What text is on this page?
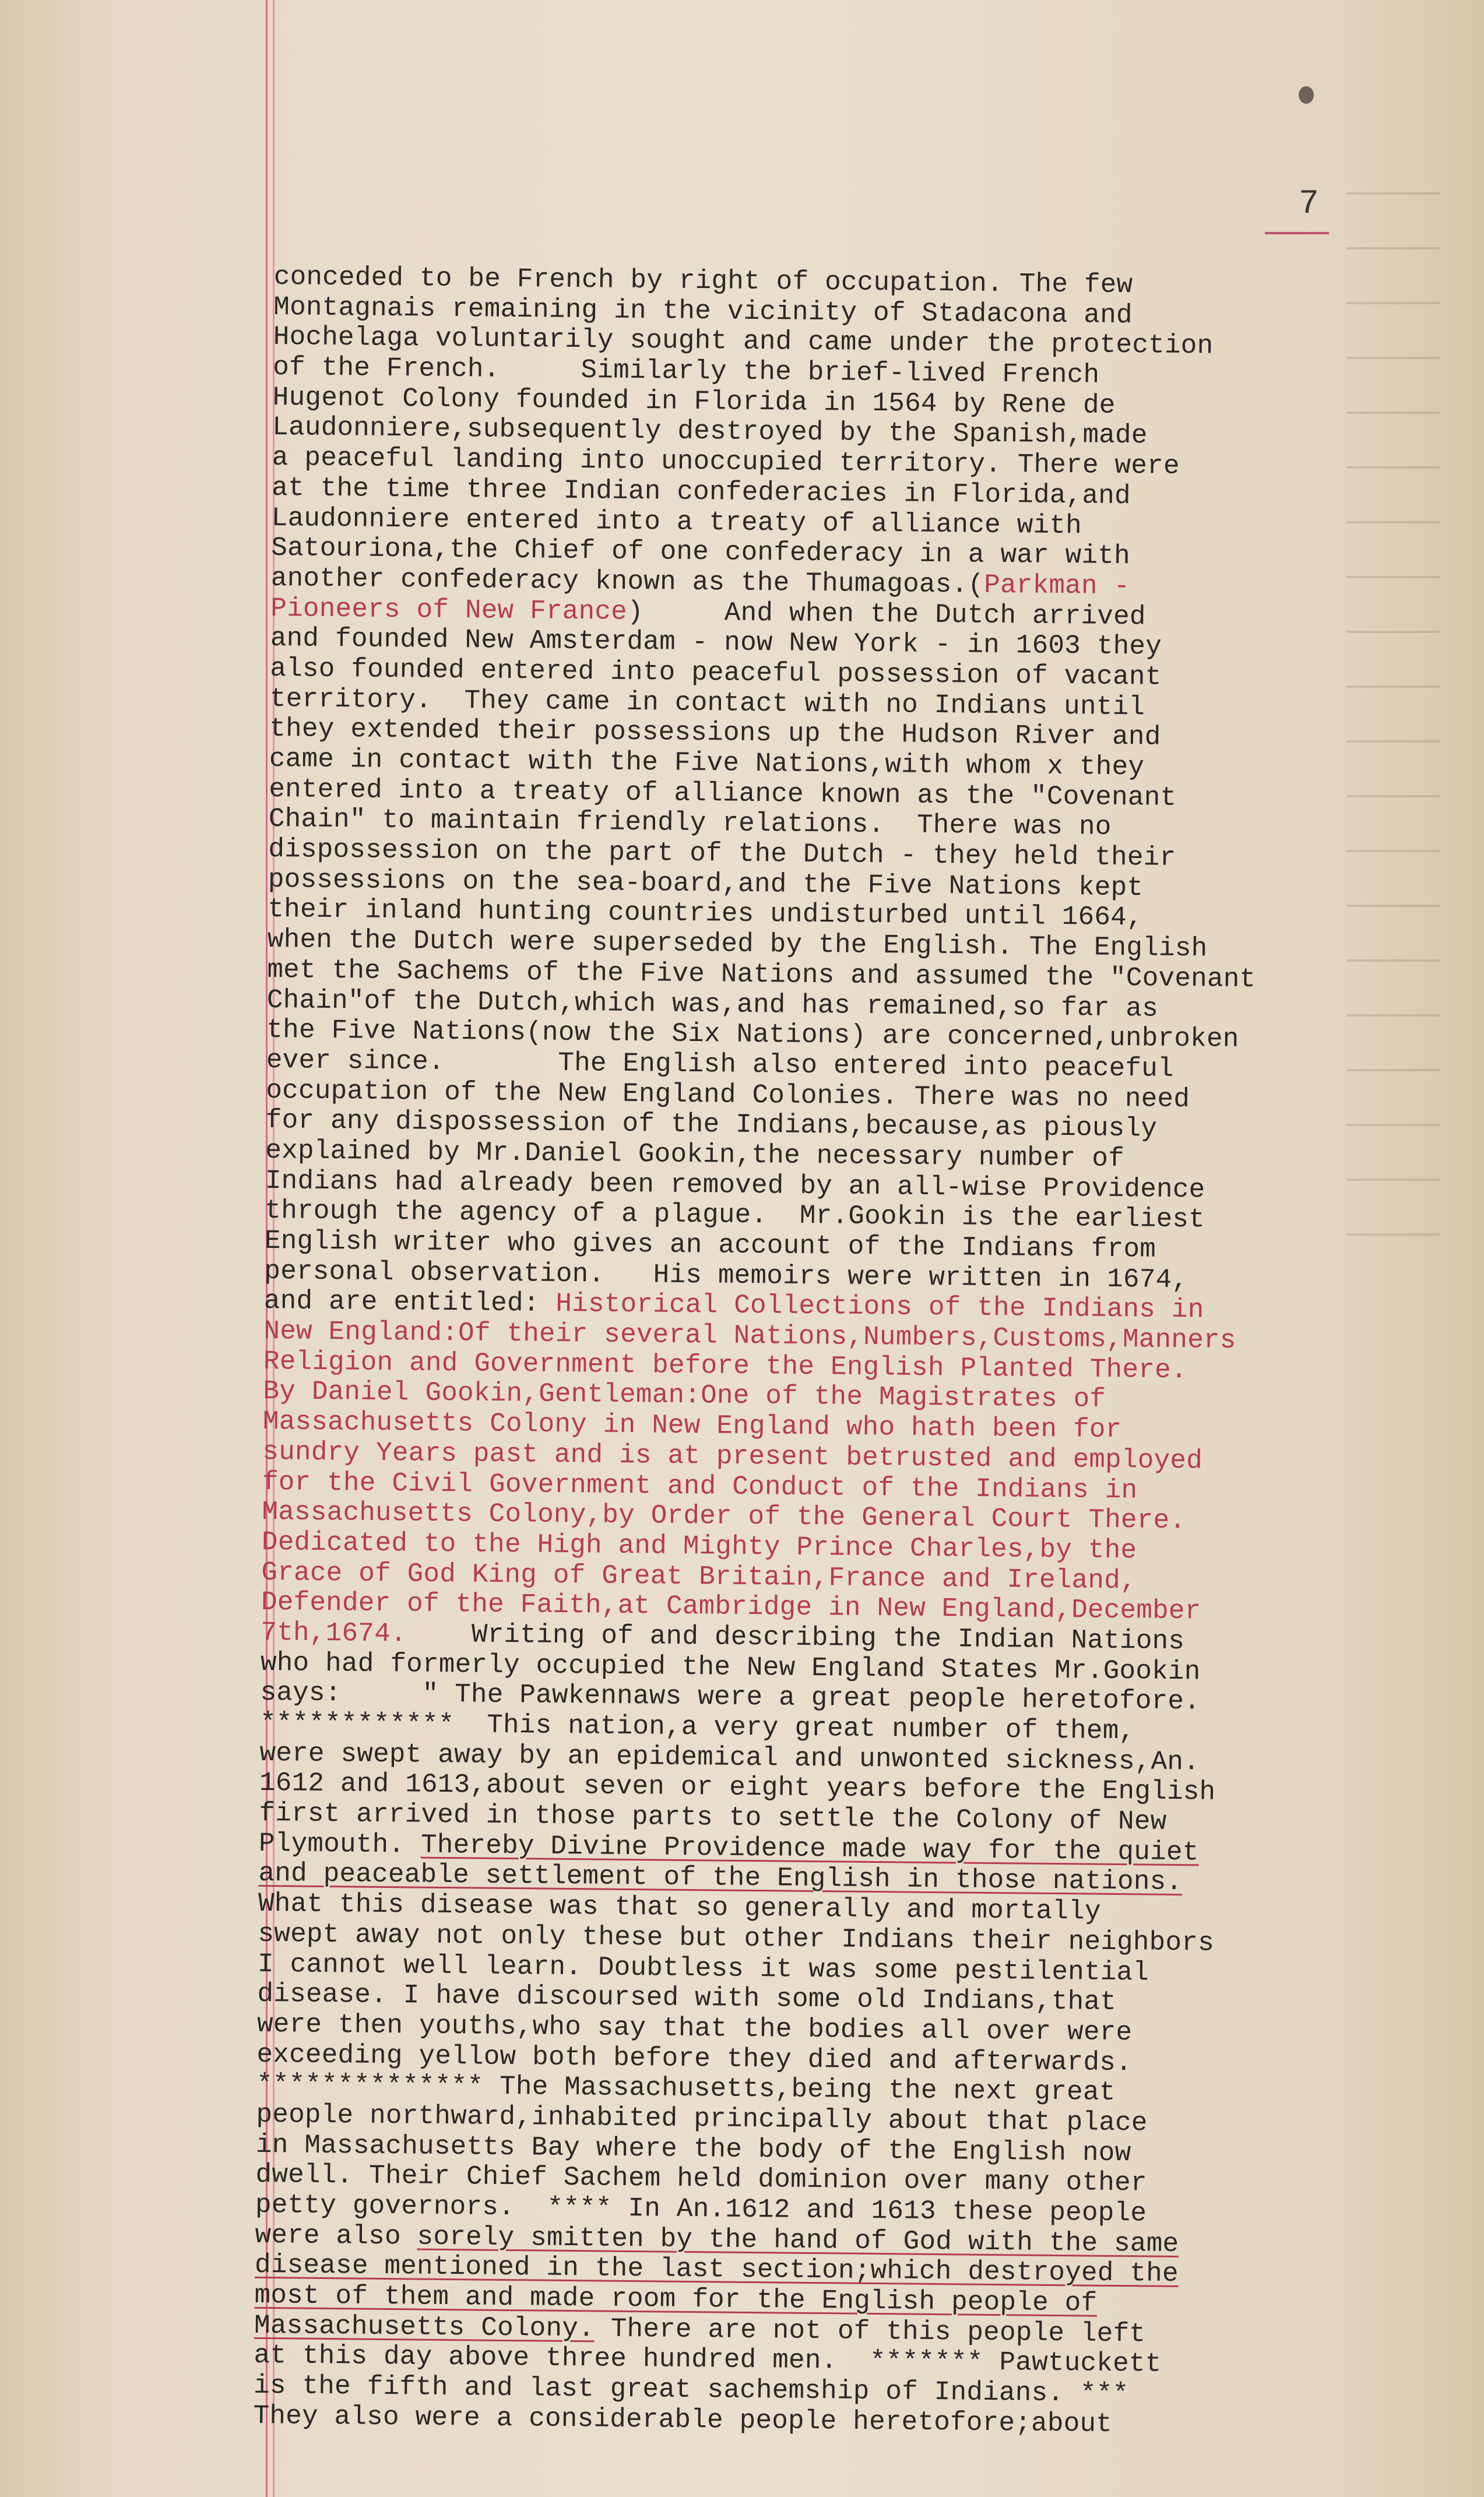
7
conceded to be French by right of occupation. The few
Montagnais remaining in the vicinity of Stadacona and
Hochelaga voluntarily sought and came under the protection
of the French.     Similarly the brief-lived French
Hugenot Colony founded in Florida in 1564 by Rene de
Laudonniere,subsequently destroyed by the Spanish,made
a peaceful landing into unoccupied territory. There were
at the time three Indian confederacies in Florida,and
Laudonniere entered into a treaty of alliance with
Satouriona,the Chief of one confederacy in a war with
another confederacy known as the Thumagoas.(Parkman -
Pioneers of New France)     And when the Dutch arrived
and founded New Amsterdam - now New York - in 1603 they
also founded entered into peaceful possession of vacant
territory.  They came in contact with no Indians until
they extended their possessions up the Hudson River and
came in contact with the Five Nations,with whom x they
entered into a treaty of alliance known as the "Covenant
Chain" to maintain friendly relations.  There was no
dispossession on the part of the Dutch - they held their
possessions on the sea-board,and the Five Nations kept
their inland hunting countries undisturbed until 1664,
when the Dutch were superseded by the English. The English
met the Sachems of the Five Nations and assumed the "Covenant
Chain"of the Dutch,which was,and has remained,so far as
the Five Nations(now the Six Nations) are concerned,unbroken
ever since.       The English also entered into peaceful
occupation of the New England Colonies. There was no need
for any dispossession of the Indians,because,as piously
explained by Mr.Daniel Gookin,the necessary number of
Indians had already been removed by an all-wise Providence
through the agency of a plague.  Mr.Gookin is the earliest
English writer who gives an account of the Indians from
personal observation.   His memoirs were written in 1674,
and are entitled: Historical Collections of the Indians in
New England:Of their several Nations,Numbers,Customs,Manners
Religion and Government before the English Planted There.
By Daniel Gookin,Gentleman:One of the Magistrates of
Massachusetts Colony in New England who hath been for
sundry Years past and is at present betrusted and employed
for the Civil Government and Conduct of the Indians in
Massachusetts Colony,by Order of the General Court There.
Dedicated to the High and Mighty Prince Charles,by the
Grace of God King of Great Britain,France and Ireland,
Defender of the Faith,at Cambridge in New England,December
7th,1674.    Writing of and describing the Indian Nations
who had formerly occupied the New England States Mr.Gookin
says:     " The Pawkennaws were a great people heretofore.
************  This nation,a very great number of them,
were swept away by an epidemical and unwonted sickness,An.
1612 and 1613,about seven or eight years before the English
first arrived in those parts to settle the Colony of New
Plymouth. Thereby Divine Providence made way for the quiet
and peaceable settlement of the English in those nations.
What this disease was that so generally and mortally
swept away not only these but other Indians their neighbors
I cannot well learn. Doubtless it was some pestilential
disease. I have discoursed with some old Indians,that
were then youths,who say that the bodies all over were
exceeding yellow both before they died and afterwards.
************** The Massachusetts,being the next great
people northward,inhabited principally about that place
in Massachusetts Bay where the body of the English now
dwell. Their Chief Sachem held dominion over many other
petty governors.  **** In An.1612 and 1613 these people
were also sorely smitten by the hand of God with the same
disease mentioned in the last section;which destroyed the
most of them and made room for the English people of
Massachusetts Colony. There are not of this people left
at this day above three hundred men.  ******* Pawtuckett
is the fifth and last great sachemship of Indians. ***
They also were a considerable people heretofore;about
